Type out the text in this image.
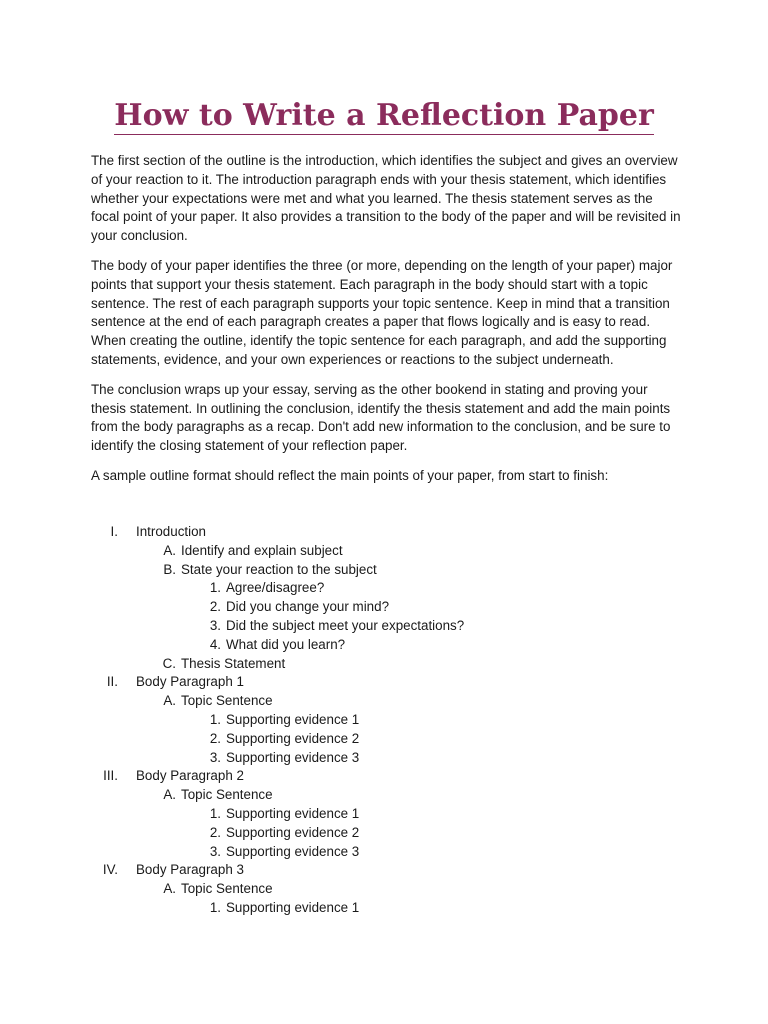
How to Write a Reflection Paper

The first section of the outline is the introduction, which identifies the subject and gives an overview of your reaction to it. The introduction paragraph ends with your thesis statement, which identifies whether your expectations were met and what you learned. The thesis statement serves as the focal point of your paper. It also provides a transition to the body of the paper and will be revisited in your conclusion.

The body of your paper identifies the three (or more, depending on the length of your paper) major points that support your thesis statement. Each paragraph in the body should start with a topic sentence. The rest of each paragraph supports your topic sentence. Keep in mind that a transition sentence at the end of each paragraph creates a paper that flows logically and is easy to read. When creating the outline, identify the topic sentence for each paragraph, and add the supporting statements, evidence, and your own experiences or reactions to the subject underneath.

The conclusion wraps up your essay, serving as the other bookend in stating and proving your thesis statement. In outlining the conclusion, identify the thesis statement and add the main points from the body paragraphs as a recap. Don't add new information to the conclusion, and be sure to identify the closing statement of your reflection paper.

A sample outline format should reflect the main points of your paper, from start to finish:

I. Introduction
A. Identify and explain subject
B. State your reaction to the subject
1. Agree/disagree?
2. Did you change your mind?
3. Did the subject meet your expectations?
4. What did you learn?
C. Thesis Statement
II. Body Paragraph 1
A. Topic Sentence
1. Supporting evidence 1
2. Supporting evidence 2
3. Supporting evidence 3
III. Body Paragraph 2
A. Topic Sentence
1. Supporting evidence 1
2. Supporting evidence 2
3. Supporting evidence 3
IV. Body Paragraph 3
A. Topic Sentence
1. Supporting evidence 1
